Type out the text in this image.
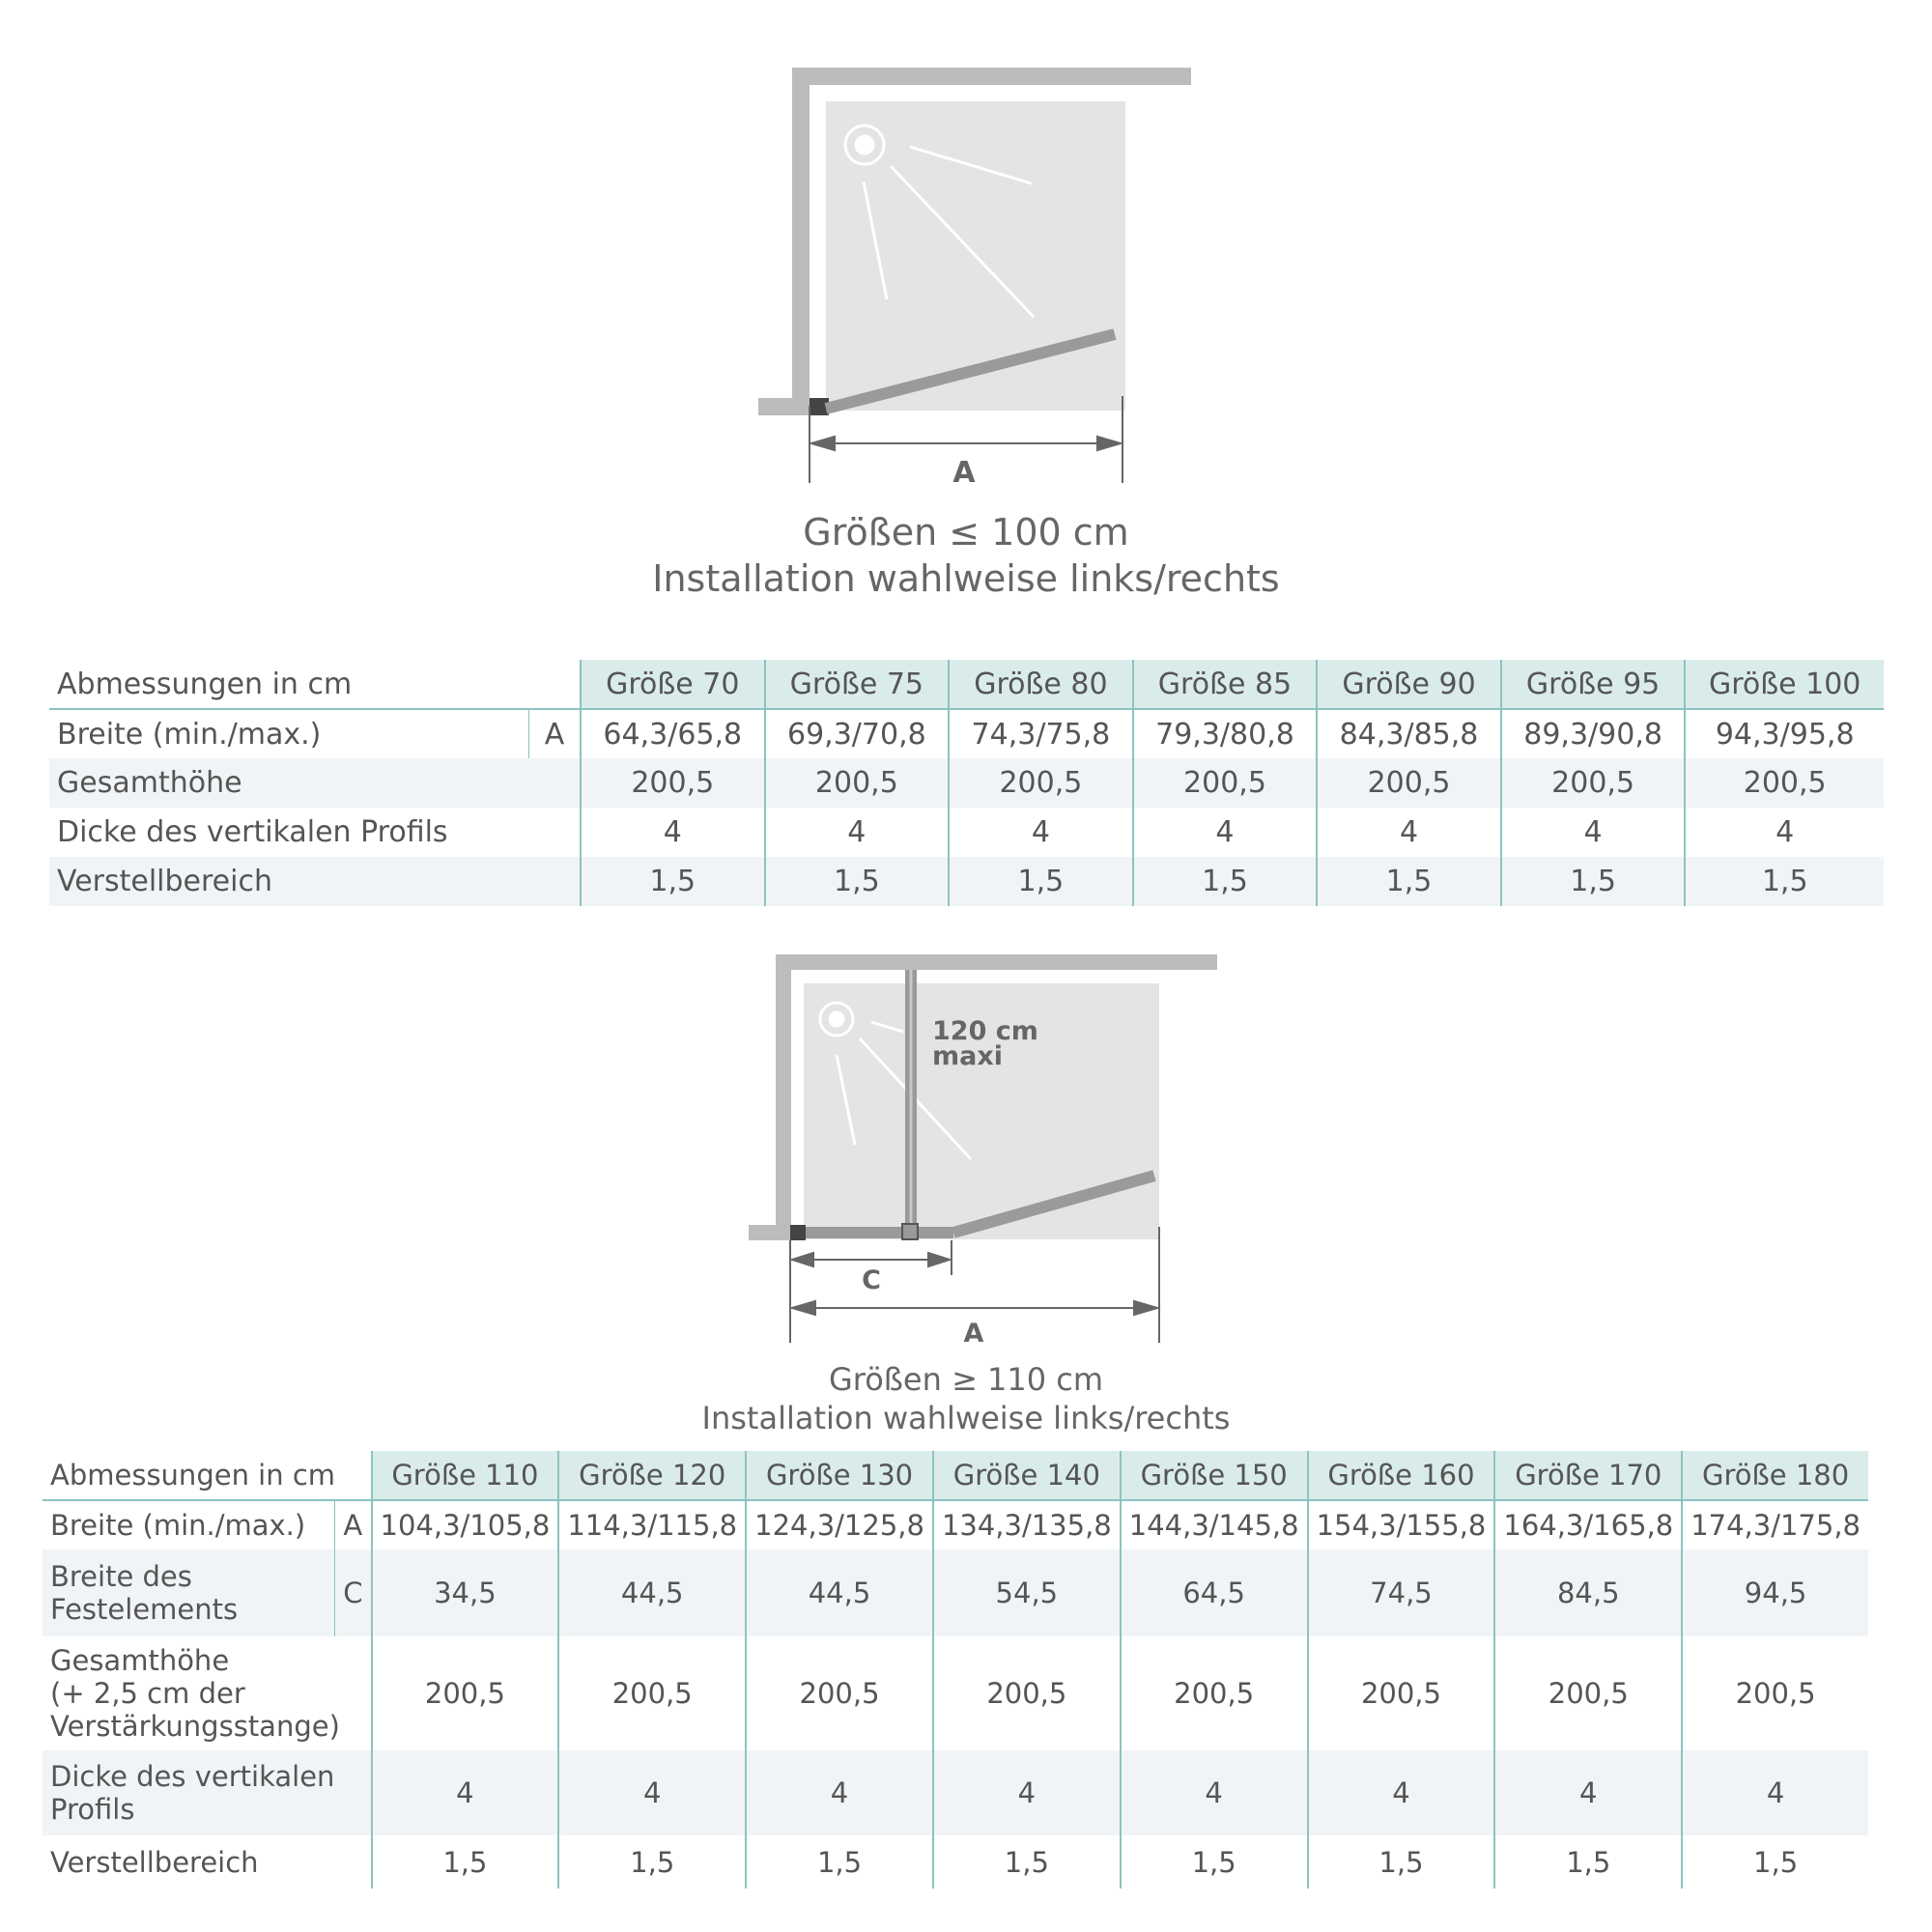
A
Größen ≤ 100 cm
Installation wahlweise links/rechts
Abmessungen in cm		Größe 70	Größe 75	Größe 80	Größe 85	Größe 90	Größe 95	Größe 100
Breite (min./max.)	A	64,3/65,8	69,3/70,8	74,3/75,8	79,3/80,8	84,3/85,8	89,3/90,8	94,3/95,8
Gesamthöhe		200,5	200,5	200,5	200,5	200,5	200,5	200,5
Dicke des vertikalen Profils		4	4	4	4	4	4	4
Verstellbereich		1,5	1,5	1,5	1,5	1,5	1,5	1,5
120 cm
maxi
C
A
Größen ≥ 110 cm
Installation wahlweise links/rechts
Abmessungen in cm		Größe 110	Größe 120	Größe 130	Größe 140	Größe 150	Größe 160	Größe 170	Größe 180

Breite (min./max.)	A	104,3/105,8	114,3/115,8	124,3/125,8	134,3/135,8	144,3/145,8	154,3/155,8	164,3/165,8	174,3/175,8

Breite des
Festelements	C	34,5	44,5	44,5	54,5	64,5	74,5	84,5	94,5

Gesamthöhe
(+ 2,5 cm der
Verstärkungsstange)		200,5	200,5	200,5	200,5	200,5	200,5	200,5	200,5

Dicke des vertikalen
Profils		4	4	4	4	4	4	4	4

Verstellbereich		1,5	1,5	1,5	1,5	1,5	1,5	1,5	1,5
